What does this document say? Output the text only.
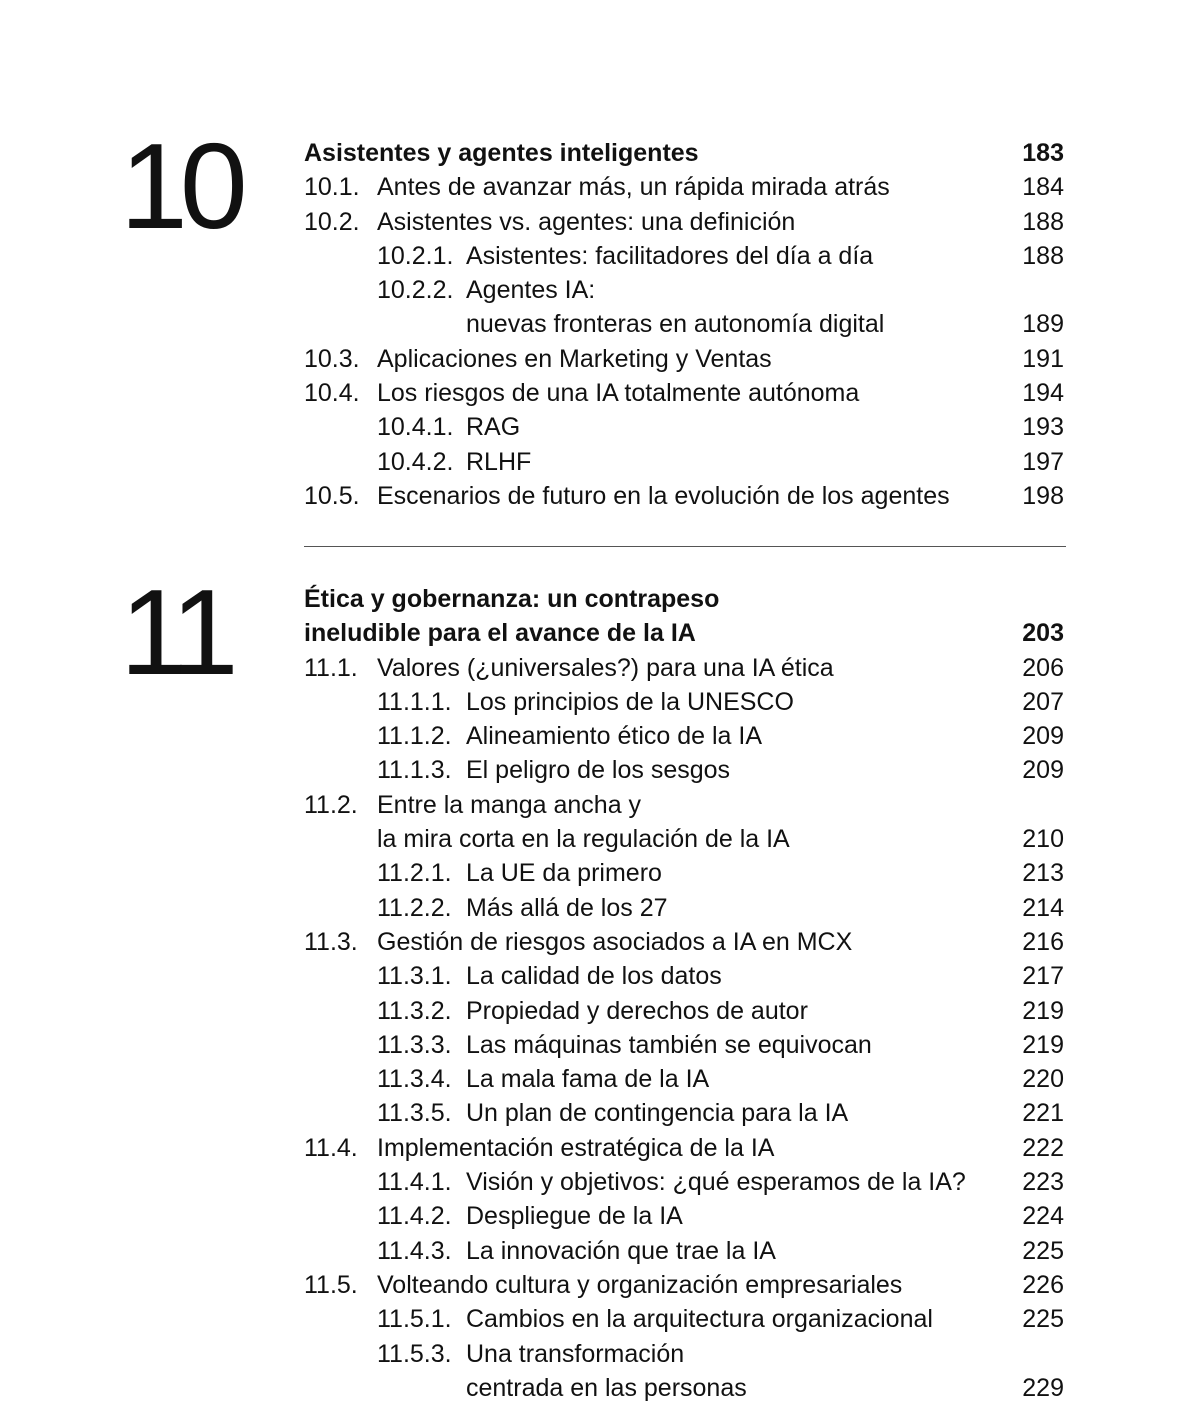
10	Asistentes y agentes inteligentes	183
10.1. Antes de avanzar más, un rápida mirada atrás	184
10.2. Asistentes vs. agentes: una definición	188
10.2.1. Asistentes: facilitadores del día a día	188
10.2.2. Agentes IA:
nuevas fronteras en autonomía digital	189
10.3. Aplicaciones en Marketing y Ventas	191
10.4. Los riesgos de una IA totalmente autónoma	194
10.4.1. RAG	193
10.4.2. RLHF	197
10.5. Escenarios de futuro en la evolución de los agentes	198
11	Ética y gobernanza: un contrapeso
ineludible para el avance de la IA	203
11.1. Valores (¿universales?) para una IA ética	206
11.1.1. Los principios de la UNESCO	207
11.1.2. Alineamiento ético de la IA	209
11.1.3. El peligro de los sesgos	209
11.2. Entre la manga ancha y
la mira corta en la regulación de la IA	210
11.2.1. La UE da primero	213
11.2.2. Más allá de los 27	214
11.3. Gestión de riesgos asociados a IA en MCX	216
11.3.1. La calidad de los datos	217
11.3.2. Propiedad y derechos de autor	219
11.3.3. Las máquinas también se equivocan	219
11.3.4. La mala fama de la IA	220
11.3.5. Un plan de contingencia para la IA	221
11.4. Implementación estratégica de la IA	222
11.4.1. Visión y objetivos: ¿qué esperamos de la IA? 223
11.4.2. Despliegue de la IA	224
11.4.3. La innovación que trae la IA	225
11.5. Volteando cultura y organización empresariales	226
11.5.1. Cambios en la arquitectura organizacional	225
11.5.3. Una transformación
centrada en las personas	229
